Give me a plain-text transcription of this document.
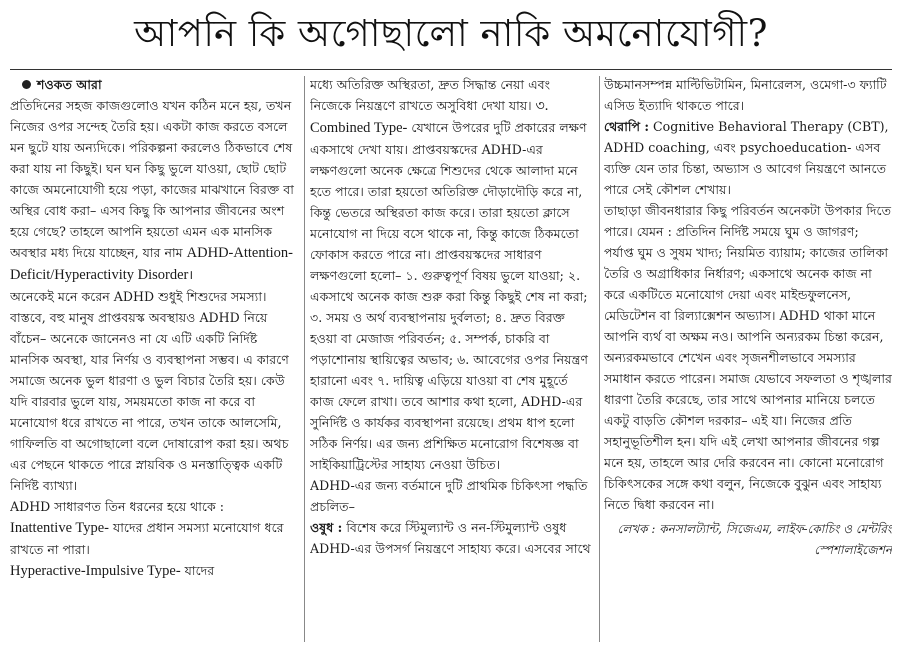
আপনি কি অগোছালো নাকি অমনোযোগী?

শওকত আরা

প্রতিদিনের সহজ কাজগুলোও যখন কঠিন মনে হয়, তখন নিজের ওপর সন্দেহ তৈরি হয়। একটা কাজ করতে বসলে মন ছুটে যায় অন্যদিকে। পরিকল্পনা করলেও ঠিকভাবে শেষ করা যায় না কিছুই। ঘন ঘন কিছু ভুলে যাওয়া, ছোট ছোট কাজে অমনোযোগী হয়ে পড়া, কাজের মাঝখানে বিরক্ত বা অস্থির বোধ করা– এসব কিছু কি আপনার জীবনের অংশ হয়ে গেছে? তাহলে আপনি হয়তো এমন এক মানসিক অবস্থার মধ্য দিয়ে যাচ্ছেন, যার নাম ADHD-Attention-Deficit/Hyperactivity Disorder।

অনেকেই মনে করেন ADHD শুধুই শিশুদের সমস্যা। বাস্তবে, বহু মানুষ প্রাপ্তবয়স্ক অবস্থায়ও ADHD নিয়ে বাঁচেন– অনেকে জানেনও না যে এটি একটি নির্দিষ্ট মানসিক অবস্থা, যার নির্ণয় ও ব্যবস্থাপনা সম্ভব। এ কারণে সমাজে অনেক ভুল ধারণা ও ভুল বিচার তৈরি হয়। কেউ যদি বারবার ভুলে যায়, সময়মতো কাজ না করে বা মনোযোগ ধরে রাখতে না পারে, তখন তাকে আলসেমি, গাফিলতি বা অগোছালো বলে দোষারোপ করা হয়। অথচ এর পেছনে থাকতে পারে স্নায়বিক ও মনস্তাত্ত্বিক একটি নির্দিষ্ট ব্যাখ্যা।

ADHD সাধারণত তিন ধরনের হয়ে থাকে :

Inattentive Type- যাদের প্রধান সমস্যা মনোযোগ ধরে রাখতে না পারা।

Hyperactive-Impulsive Type- যাদের

মধ্যে অতিরিক্ত অস্থিরতা, দ্রুত সিদ্ধান্ত নেয়া এবং নিজেকে নিয়ন্ত্রণে রাখতে অসুবিধা দেখা যায়। ৩. Combined Type- যেখানে উপরের দুটি প্রকারের লক্ষণ একসাথে দেখা যায়। প্রাপ্তবয়স্কদের ADHD-এর লক্ষণগুলো অনেক ক্ষেত্রে শিশুদের থেকে আলাদা মনে হতে পারে। তারা হয়তো অতিরিক্ত দৌড়াদৌড়ি করে না, কিন্তু ভেতরে অস্থিরতা কাজ করে। তারা হয়তো ক্লাসে মনোযোগ না দিয়ে বসে থাকে না, কিন্তু কাজে ঠিকমতো ফোকাস করতে পারে না। প্রাপ্তবয়স্কদের সাধারণ লক্ষণগুলো হলো– ১. গুরুত্বপূর্ণ বিষয় ভুলে যাওয়া; ২. একসাথে অনেক কাজ শুরু করা কিন্তু কিছুই শেষ না করা; ৩. সময় ও অর্থ ব্যবস্থাপনায় দুর্বলতা; ৪. দ্রুত বিরক্ত হওয়া বা মেজাজ পরিবর্তন; ৫. সম্পর্ক, চাকরি বা পড়াশোনায় স্থায়িত্বের অভাব; ৬. আবেগের ওপর নিয়ন্ত্রণ হারানো এবং ৭. দায়িত্ব এড়িয়ে যাওয়া বা শেষ মুহূর্তে কাজ ফেলে রাখা। তবে আশার কথা হলো, ADHD-এর সুনির্দিষ্ট ও কার্যকর ব্যবস্থাপনা রয়েছে। প্রথম ধাপ হলো সঠিক নির্ণয়। এর জন্য প্রশিক্ষিত মনোরোগ বিশেষজ্ঞ বা সাইকিয়াট্রিস্টের সাহায্য নেওয়া উচিত।

ADHD-এর জন্য বর্তমানে দুটি প্রাথমিক চিকিৎসা পদ্ধতি প্রচলিত–

ওষুধ : বিশেষ করে স্টিমুল্যান্ট ও নন-স্টিমুল্যান্ট ওষুধ ADHD-এর উপসর্গ নিয়ন্ত্রণে সাহায্য করে। এসবের সাথে

উচ্চমানসম্পন্ন মাল্টিভিটামিন, মিনারেলস, ওমেগা-৩ ফ্যাটি এসিড ইত্যাদি থাকতে পারে।

থেরাপি : Cognitive Behavioral Therapy (CBT), ADHD coaching, এবং psychoeducation- এসব ব্যক্তি যেন তার চিন্তা, অভ্যাস ও আবেগ নিয়ন্ত্রণে আনতে পারে সেই কৌশল শেখায়।

তাছাড়া জীবনধারার কিছু পরিবর্তন অনেকটা উপকার দিতে পারে। যেমন : প্রতিদিন নির্দিষ্ট সময়ে ঘুম ও জাগরণ; পর্যাপ্ত ঘুম ও সুষম খাদ্য; নিয়মিত ব্যায়াম; কাজের তালিকা তৈরি ও অগ্রাধিকার নির্ধারণ; একসাথে অনেক কাজ না করে একটিতে মনোযোগ দেয়া এবং মাইন্ডফুলনেস, মেডিটেশন বা রিল্যাক্সেশন অভ্যাস। ADHD থাকা মানে আপনি ব্যর্থ বা অক্ষম নও। আপনি অন্যরকম চিন্তা করেন, অন্যরকমভাবে শেখেন এবং সৃজনশীলভাবে সমস্যার সমাধান করতে পারেন। সমাজ যেভাবে সফলতা ও শৃঙ্খলার ধারণা তৈরি করেছে, তার সাথে আপনার মানিয়ে চলতে একটু বাড়তি কৌশল দরকার– এই যা। নিজের প্রতি সহানুভূতিশীল হন। যদি এই লেখা আপনার জীবনের গল্প মনে হয়, তাহলে আর দেরি করবেন না। কোনো মনোরোগ চিকিৎসকের সঙ্গে কথা বলুন, নিজেকে বুঝুন এবং সাহায্য নিতে দ্বিধা করবেন না।

লেখক : কনসালট্যান্ট, সিজেএম, লাইফ-কোচিং ও মেন্টরিং স্পেশালাইজেশন
